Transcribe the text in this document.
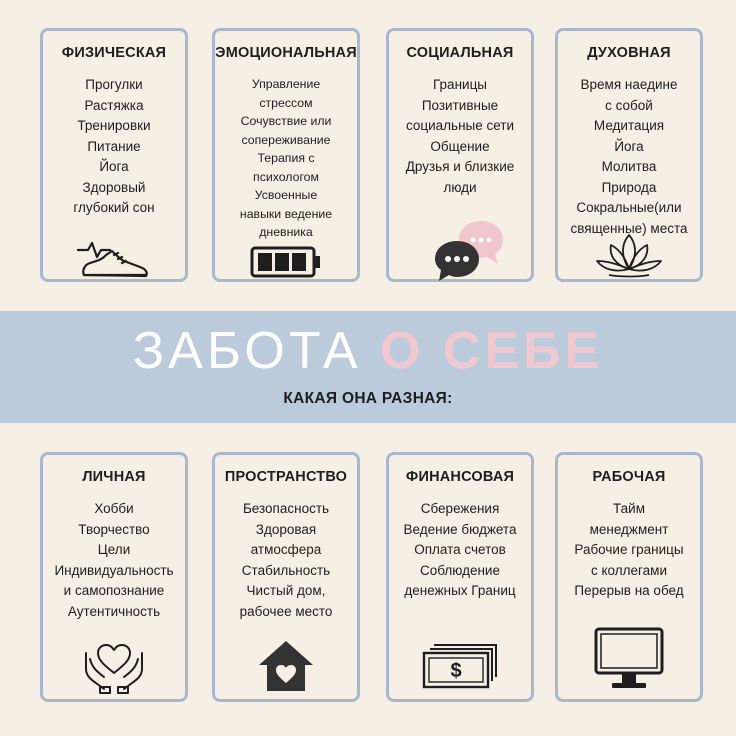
ФИЗИЧЕСКАЯ
Прогулки
Растяжка
Тренировки
Питание
Йога
Здоровый
глубокий сон
ЭМОЦИОНАЛЬНАЯ
Управление
стрессом
Сочувствие или
сопереживание
Терапия с
психологом
Усвоенные
навыки ведение
дневника
СОЦИАЛЬНАЯ
Границы
Позитивные
социальные сети
Общение
Друзья и близкие
люди
ДУХОВНАЯ
Время наедине
с собой
Медитация
Йога
Молитва
Природа
Сокральные(или
священные) места
ЗАБОТА О СЕБЕ
КАКАЯ ОНА РАЗНАЯ:
ЛИЧНАЯ
Хобби
Творчество
Цели
Индивидуальность
и самопознание
Аутентичность
ПРОСТРАНСТВО
Безопасность
Здоровая
атмосфера
Стабильность
Чистый дом,
рабочее место
ФИНАНСОВАЯ
Сбережения
Ведение бюджета
Оплата счетов
Соблюдение
денежных Границ
$
РАБОЧАЯ
Тайм
менеджмент
Рабочие границы
с коллегами
Перерыв на обед
